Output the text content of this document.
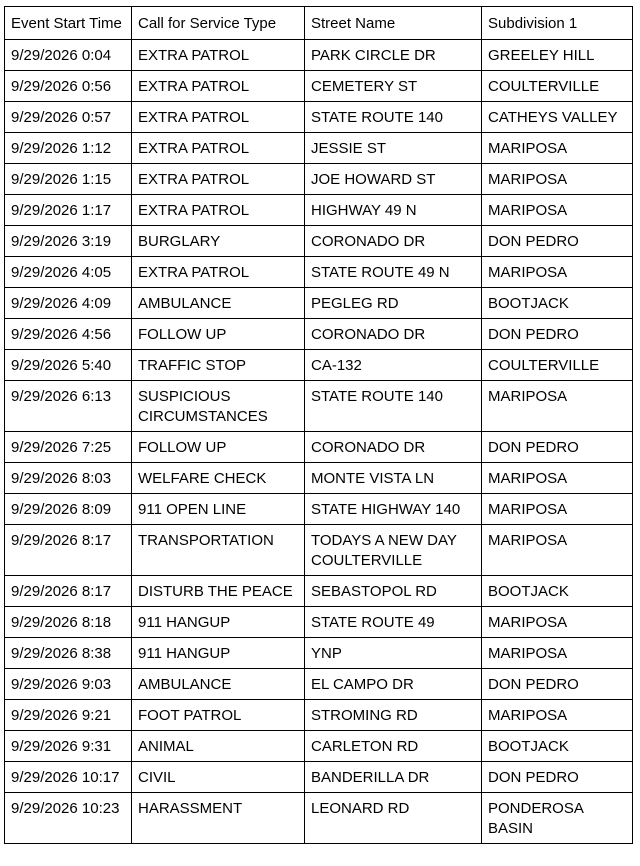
Event Start Time	Call for Service Type	Street Name	Subdivision 1
9/29/2026 0:04	EXTRA PATROL	PARK CIRCLE DR	GREELEY HILL
9/29/2026 0:56	EXTRA PATROL	CEMETERY ST	COULTERVILLE
9/29/2026 0:57	EXTRA PATROL	STATE ROUTE 140	CATHEYS VALLEY
9/29/2026 1:12	EXTRA PATROL	JESSIE ST	MARIPOSA
9/29/2026 1:15	EXTRA PATROL	JOE HOWARD ST	MARIPOSA
9/29/2026 1:17	EXTRA PATROL	HIGHWAY 49 N	MARIPOSA
9/29/2026 3:19	BURGLARY	CORONADO DR	DON PEDRO
9/29/2026 4:05	EXTRA PATROL	STATE ROUTE 49 N	MARIPOSA
9/29/2026 4:09	AMBULANCE	PEGLEG RD	BOOTJACK
9/29/2026 4:56	FOLLOW UP	CORONADO DR	DON PEDRO
9/29/2026 5:40	TRAFFIC STOP	CA-132	COULTERVILLE
9/29/2026 6:13	SUSPICIOUS CIRCUMSTANCES	STATE ROUTE 140	MARIPOSA
9/29/2026 7:25	FOLLOW UP	CORONADO DR	DON PEDRO
9/29/2026 8:03	WELFARE CHECK	MONTE VISTA LN	MARIPOSA
9/29/2026 8:09	911 OPEN LINE	STATE HIGHWAY 140	MARIPOSA
9/29/2026 8:17	TRANSPORTATION	TODAYS A NEW DAY COULTERVILLE	MARIPOSA
9/29/2026 8:17	DISTURB THE PEACE	SEBASTOPOL RD	BOOTJACK
9/29/2026 8:18	911 HANGUP	STATE ROUTE 49	MARIPOSA
9/29/2026 8:38	911 HANGUP	YNP	MARIPOSA
9/29/2026 9:03	AMBULANCE	EL CAMPO DR	DON PEDRO
9/29/2026 9:21	FOOT PATROL	STROMING RD	MARIPOSA
9/29/2026 9:31	ANIMAL	CARLETON RD	BOOTJACK
9/29/2026 10:17	CIVIL	BANDERILLA DR	DON PEDRO
9/29/2026 10:23	HARASSMENT	LEONARD RD	PONDEROSA BASIN
